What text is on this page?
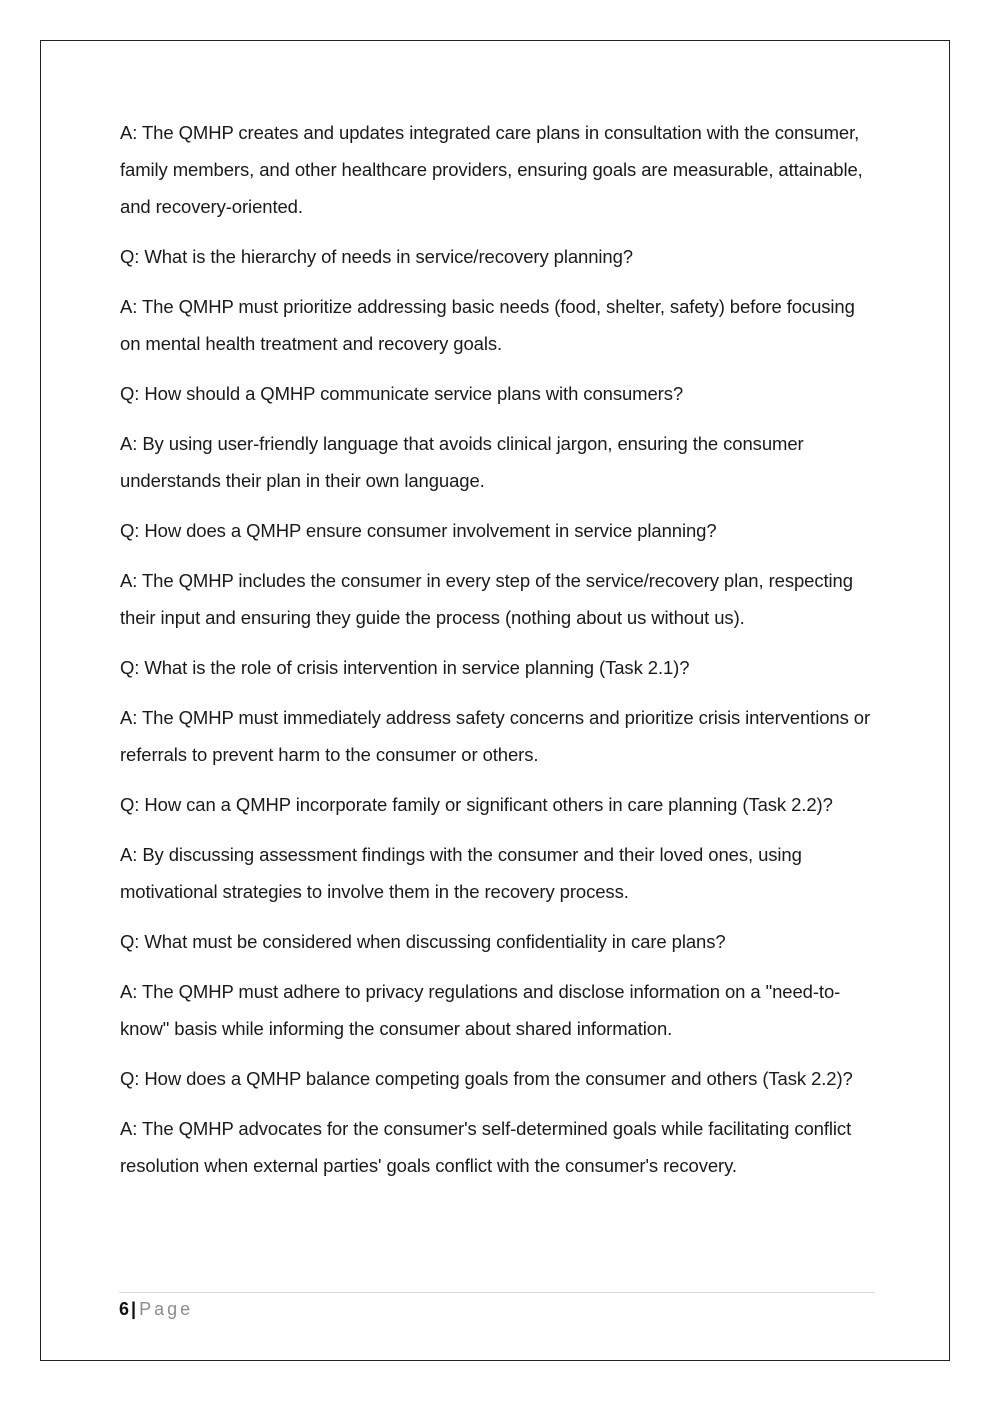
A: The QMHP creates and updates integrated care plans in consultation with the consumer, family members, and other healthcare providers, ensuring goals are measurable, attainable, and recovery-oriented.

Q: What is the hierarchy of needs in service/recovery planning?

A: The QMHP must prioritize addressing basic needs (food, shelter, safety) before focusing on mental health treatment and recovery goals.

Q: How should a QMHP communicate service plans with consumers?

A: By using user-friendly language that avoids clinical jargon, ensuring the consumer understands their plan in their own language.

Q: How does a QMHP ensure consumer involvement in service planning?

A: The QMHP includes the consumer in every step of the service/recovery plan, respecting their input and ensuring they guide the process (nothing about us without us).

Q: What is the role of crisis intervention in service planning (Task 2.1)?

A: The QMHP must immediately address safety concerns and prioritize crisis interventions or referrals to prevent harm to the consumer or others.

Q: How can a QMHP incorporate family or significant others in care planning (Task 2.2)?

A: By discussing assessment findings with the consumer and their loved ones, using motivational strategies to involve them in the recovery process.

Q: What must be considered when discussing confidentiality in care plans?

A: The QMHP must adhere to privacy regulations and disclose information on a "need-to-know" basis while informing the consumer about shared information.

Q: How does a QMHP balance competing goals from the consumer and others (Task 2.2)?

A: The QMHP advocates for the consumer's self-determined goals while facilitating conflict resolution when external parties' goals conflict with the consumer's recovery.

6 | Page
